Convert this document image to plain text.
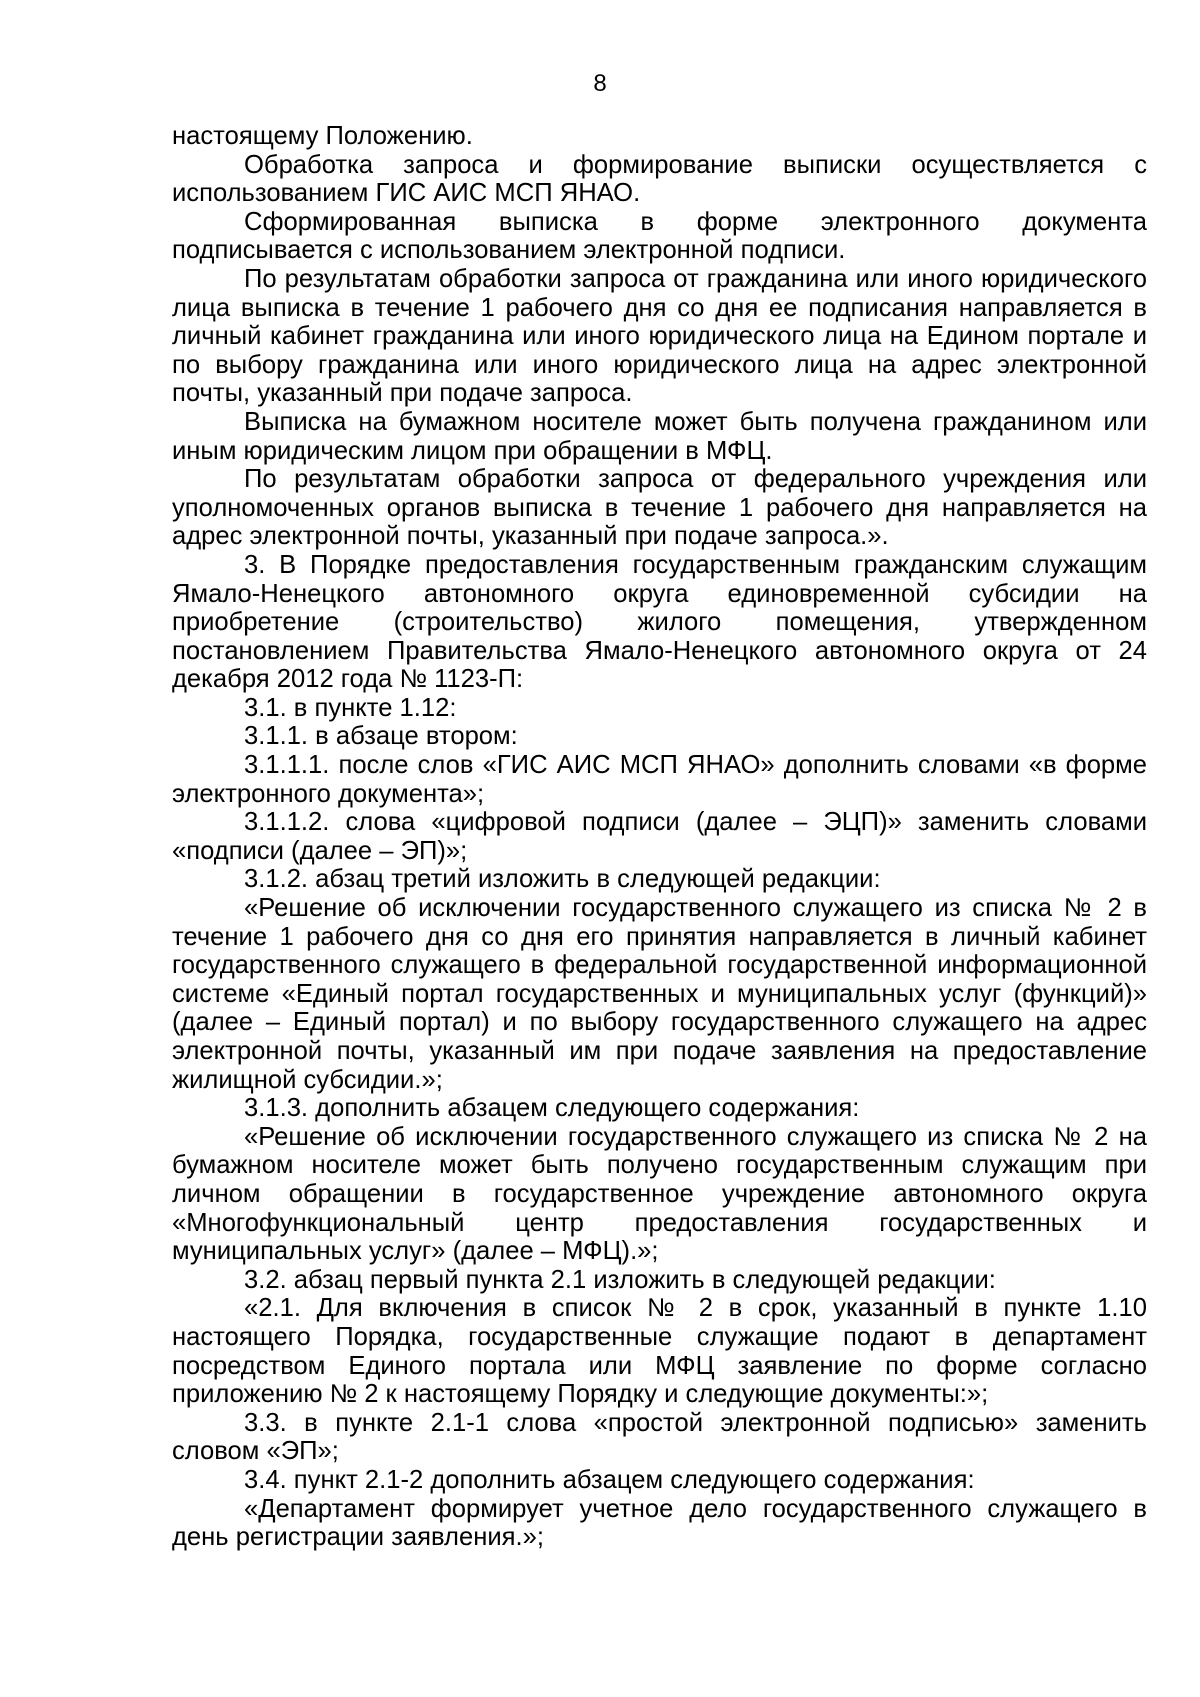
8

настоящему Положению.

Обработка запроса и формирование выписки осуществляется с использованием ГИС АИС МСП ЯНАО.

Сформированная выписка в форме электронного документа подписывается с использованием электронной подписи.

По результатам обработки запроса от гражданина или иного юридического лица выписка в течение 1 рабочего дня со дня ее подписания направляется в личный кабинет гражданина или иного юридического лица на Едином портале и по выбору гражданина или иного юридического лица на адрес электронной почты, указанный при подаче запроса.

Выписка на бумажном носителе может быть получена гражданином или иным юридическим лицом при обращении в МФЦ.

По результатам обработки запроса от федерального учреждения или уполномоченных органов выписка в течение 1 рабочего дня направляется на адрес электронной почты, указанный при подаче запроса.».

3. В Порядке предоставления государственным гражданским служащим Ямало-Ненецкого автономного округа единовременной субсидии на приобретение (строительство) жилого помещения, утвержденном постановлением Правительства Ямало-Ненецкого автономного округа от 24 декабря 2012 года № 1123-П:

3.1. в пункте 1.12:

3.1.1. в абзаце втором:

3.1.1.1. после слов «ГИС АИС МСП ЯНАО» дополнить словами «в форме электронного документа»;

3.1.1.2. слова «цифровой подписи (далее – ЭЦП)» заменить словами «подписи (далее – ЭП)»;

3.1.2. абзац третий изложить в следующей редакции:

«Решение об исключении государственного служащего из списка № 2 в течение 1 рабочего дня со дня его принятия направляется в личный кабинет государственного служащего в федеральной государственной информационной системе «Единый портал государственных и муниципальных услуг (функций)» (далее – Единый портал) и по выбору государственного служащего на адрес электронной почты, указанный им при подаче заявления на предоставление жилищной субсидии.»;

3.1.3. дополнить абзацем следующего содержания:

«Решение об исключении государственного служащего из списка № 2 на бумажном носителе может быть получено государственным служащим при личном обращении в государственное учреждение автономного округа «Многофункциональный центр предоставления государственных и муниципальных услуг» (далее – МФЦ).»;

3.2. абзац первый пункта 2.1 изложить в следующей редакции:

«2.1. Для включения в список № 2 в срок, указанный в пункте 1.10 настоящего Порядка, государственные служащие подают в департамент посредством Единого портала или МФЦ заявление по форме согласно приложению № 2 к настоящему Порядку и следующие документы:»;

3.3. в пункте 2.1-1 слова «простой электронной подписью» заменить словом «ЭП»;

3.4. пункт 2.1-2 дополнить абзацем следующего содержания:

«Департамент формирует учетное дело государственного служащего в день регистрации заявления.»;
